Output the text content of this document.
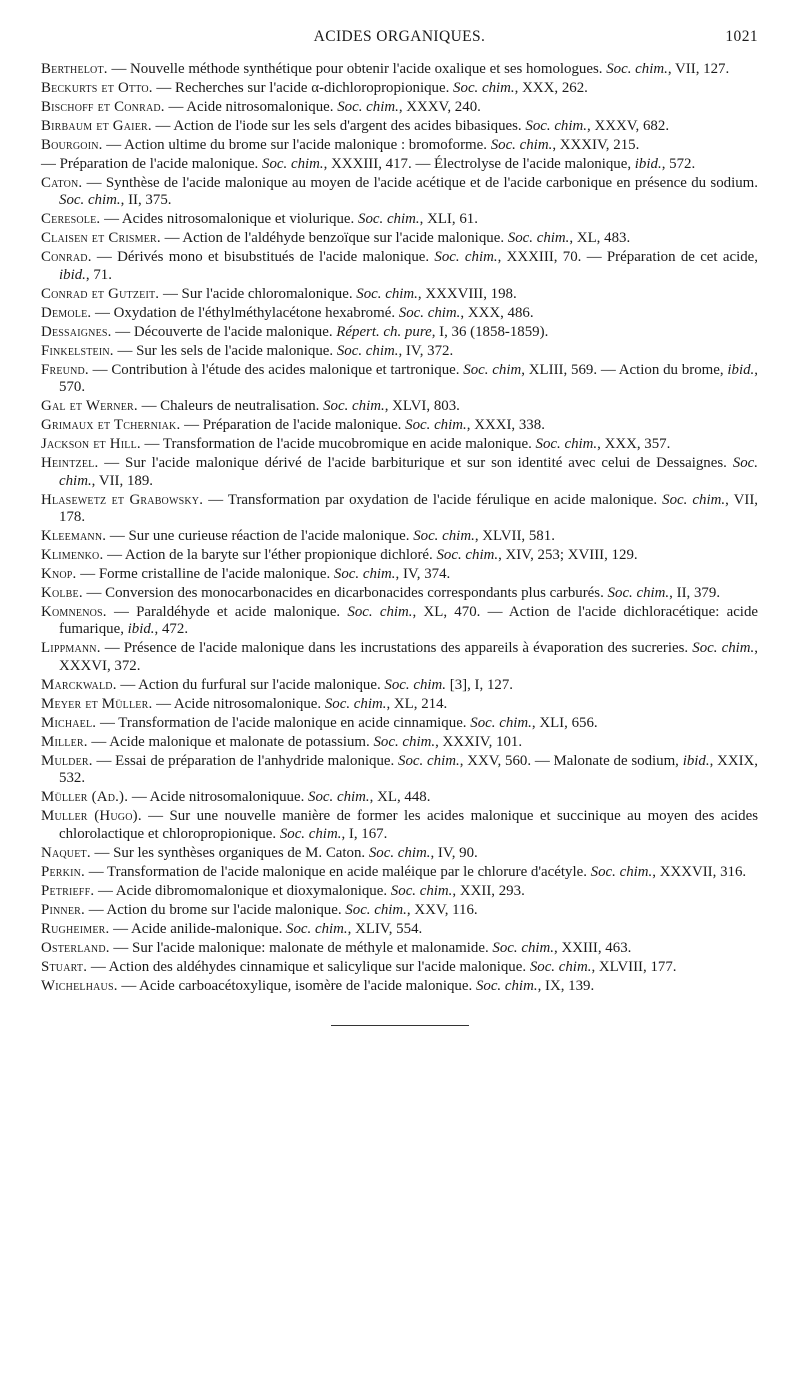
ACIDES ORGANIQUES.	1021

Berthelot. — Nouvelle méthode synthétique pour obtenir l'acide oxalique et ses homologues. Soc. chim., VII, 127.

Beckurts et Otto. — Recherches sur l'acide α-dichloropropionique. Soc. chim., XXX, 262.

Bischoff et Conrad. — Acide nitrosomalonique. Soc. chim., XXXV, 240.

Birbaum et Gaier. — Action de l'iode sur les sels d'argent des acides bibasiques. Soc. chim., XXXV, 682.

Bourgoin. — Action ultime du brome sur l'acide malonique : bromoforme. Soc. chim., XXXIV, 215.

— Préparation de l'acide malonique. Soc. chim., XXXIII, 417. — Électrolyse de l'acide malonique, ibid., 572.

Caton. — Synthèse de l'acide malonique au moyen de l'acide acétique et de l'acide carbonique en présence du sodium. Soc. chim., II, 375.

Ceresole. — Acides nitrosomalonique et violurique. Soc. chim., XLI, 61.

Claisen et Crismer. — Action de l'aldéhyde benzoïque sur l'acide malonique. Soc. chim., XL, 483.

Conrad. — Dérivés mono et bisubstitués de l'acide malonique. Soc. chim., XXXIII, 70. — Préparation de cet acide, ibid., 71.

Conrad et Gutzeit. — Sur l'acide chloromalonique. Soc. chim., XXXVIII, 198.

Demole. — Oxydation de l'éthylméthylacétone hexabromé. Soc. chim., XXX, 486.

Dessaignes. — Découverte de l'acide malonique. Répert. ch. pure, I, 36 (1858-1859).

Finkelstein. — Sur les sels de l'acide malonique. Soc. chim., IV, 372.

Freund. — Contribution à l'étude des acides malonique et tartronique. Soc. chim, XLIII, 569. — Action du brome, ibid., 570.

Gal et Werner. — Chaleurs de neutralisation. Soc. chim., XLVI, 803.

Grimaux et Tcherniak. — Préparation de l'acide malonique. Soc. chim., XXXI, 338.

Jackson et Hill. — Transformation de l'acide mucobromique en acide malonique. Soc. chim., XXX, 357.

Heintzel. — Sur l'acide malonique dérivé de l'acide barbiturique et sur son identité avec celui de Dessaignes. Soc. chim., VII, 189.

Hlasewetz et Grabowsky. — Transformation par oxydation de l'acide férulique en acide malonique. Soc. chim., VII, 178.

Kleemann. — Sur une curieuse réaction de l'acide malonique. Soc. chim., XLVII, 581.

Klimenko. — Action de la baryte sur l'éther propionique dichloré. Soc. chim., XIV, 253; XVIII, 129.

Knop. — Forme cristalline de l'acide malonique. Soc. chim., IV, 374.

Kolbe. — Conversion des monocarbonacides en dicarbonacides correspondants plus carburés. Soc. chim., II, 379.

Komnenos. — Paraldéhyde et acide malonique. Soc. chim., XL, 470. — Action de l'acide dichloracétique: acide fumarique, ibid., 472.

Lippmann. — Présence de l'acide malonique dans les incrustations des appareils à évaporation des sucreries. Soc. chim., XXXVI, 372.

Marckwald. — Action du furfural sur l'acide malonique. Soc. chim. [3], I, 127.

Meyer et Müller. — Acide nitrosomalonique. Soc. chim., XL, 214.

Michael. — Transformation de l'acide malonique en acide cinnamique. Soc. chim., XLI, 656.

Miller. — Acide malonique et malonate de potassium. Soc. chim., XXXIV, 101.

Mulder. — Essai de préparation de l'anhydride malonique. Soc. chim., XXV, 560. — Malonate de sodium, ibid., XXIX, 532.

Müller (Ad.). — Acide nitrosomaloniquue. Soc. chim., XL, 448.

Muller (Hugo). — Sur une nouvelle manière de former les acides malonique et succinique au moyen des acides chlorolactique et chloropropionique. Soc. chim., I, 167.

Naquet. — Sur les synthèses organiques de M. Caton. Soc. chim., IV, 90.

Perkin. — Transformation de l'acide malonique en acide maléique par le chlorure d'acétyle. Soc. chim., XXXVII, 316.

Petrieff. — Acide dibromomalonique et dioxymalonique. Soc. chim., XXII, 293.

Pinner. — Action du brome sur l'acide malonique. Soc. chim., XXV, 116.

Rugheimer. — Acide anilide-malonique. Soc. chim., XLIV, 554.

Osterland. — Sur l'acide malonique: malonate de méthyle et malonamide. Soc. chim., XXIII, 463.

Stuart. — Action des aldéhydes cinnamique et salicylique sur l'acide malonique. Soc. chim., XLVIII, 177.

Wichelhaus. — Acide carboacétoxylique, isomère de l'acide malonique. Soc. chim., IX, 139.
